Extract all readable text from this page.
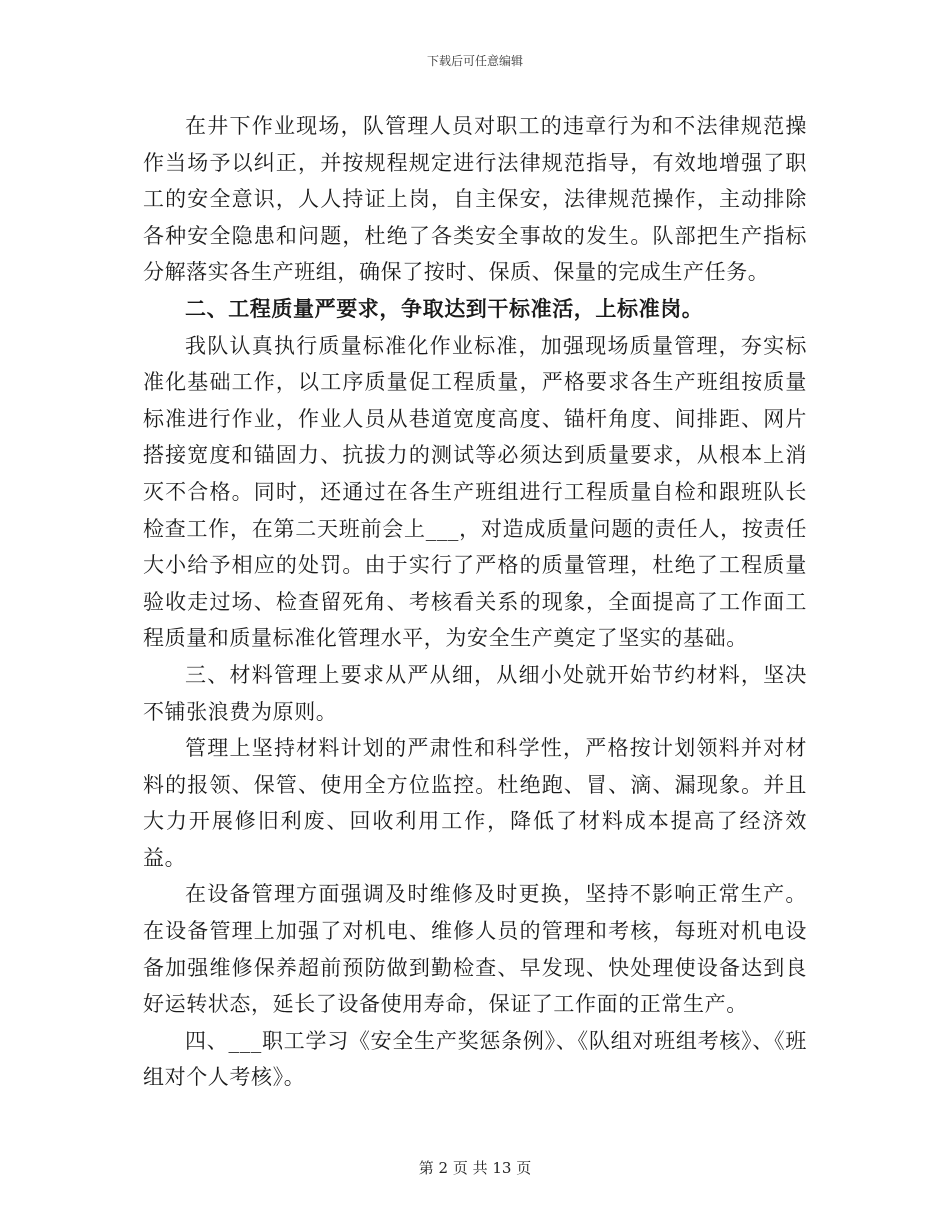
下载后可任意编辑

在井下作业现场，队管理人员对职工的违章行为和不法律规范操作当场予以纠正，并按规程规定进行法律规范指导，有效地增强了职工的安全意识，人人持证上岗，自主保安，法律规范操作，主动排除各种安全隐患和问题，杜绝了各类安全事故的发生。队部把生产指标分解落实各生产班组，确保了按时、保质、保量的完成生产任务。

二、工程质量严要求，争取达到干标准活，上标准岗。

我队认真执行质量标准化作业标准，加强现场质量管理，夯实标准化基础工作，以工序质量促工程质量，严格要求各生产班组按质量标准进行作业，作业人员从巷道宽度高度、锚杆角度、间排距、网片搭接宽度和锚固力、抗拔力的测试等必须达到质量要求，从根本上消灭不合格。同时，还通过在各生产班组进行工程质量自检和跟班队长检查工作，在第二天班前会上___，对造成质量问题的责任人，按责任大小给予相应的处罚。由于实行了严格的质量管理，杜绝了工程质量验收走过场、检查留死角、考核看关系的现象，全面提高了工作面工程质量和质量标准化管理水平，为安全生产奠定了坚实的基础。

三、材料管理上要求从严从细，从细小处就开始节约材料，坚决不铺张浪费为原则。

管理上坚持材料计划的严肃性和科学性，严格按计划领料并对材料的报领、保管、使用全方位监控。杜绝跑、冒、滴、漏现象。并且大力开展修旧利废、回收利用工作，降低了材料成本提高了经济效益。

在设备管理方面强调及时维修及时更换，坚持不影响正常生产。在设备管理上加强了对机电、维修人员的管理和考核，每班对机电设备加强维修保养超前预防做到勤检查、早发现、快处理使设备达到良好运转状态，延长了设备使用寿命，保证了工作面的正常生产。

四、___职工学习《安全生产奖惩条例》、《队组对班组考核》、《班组对个人考核》。

第 2 页 共 13 页
